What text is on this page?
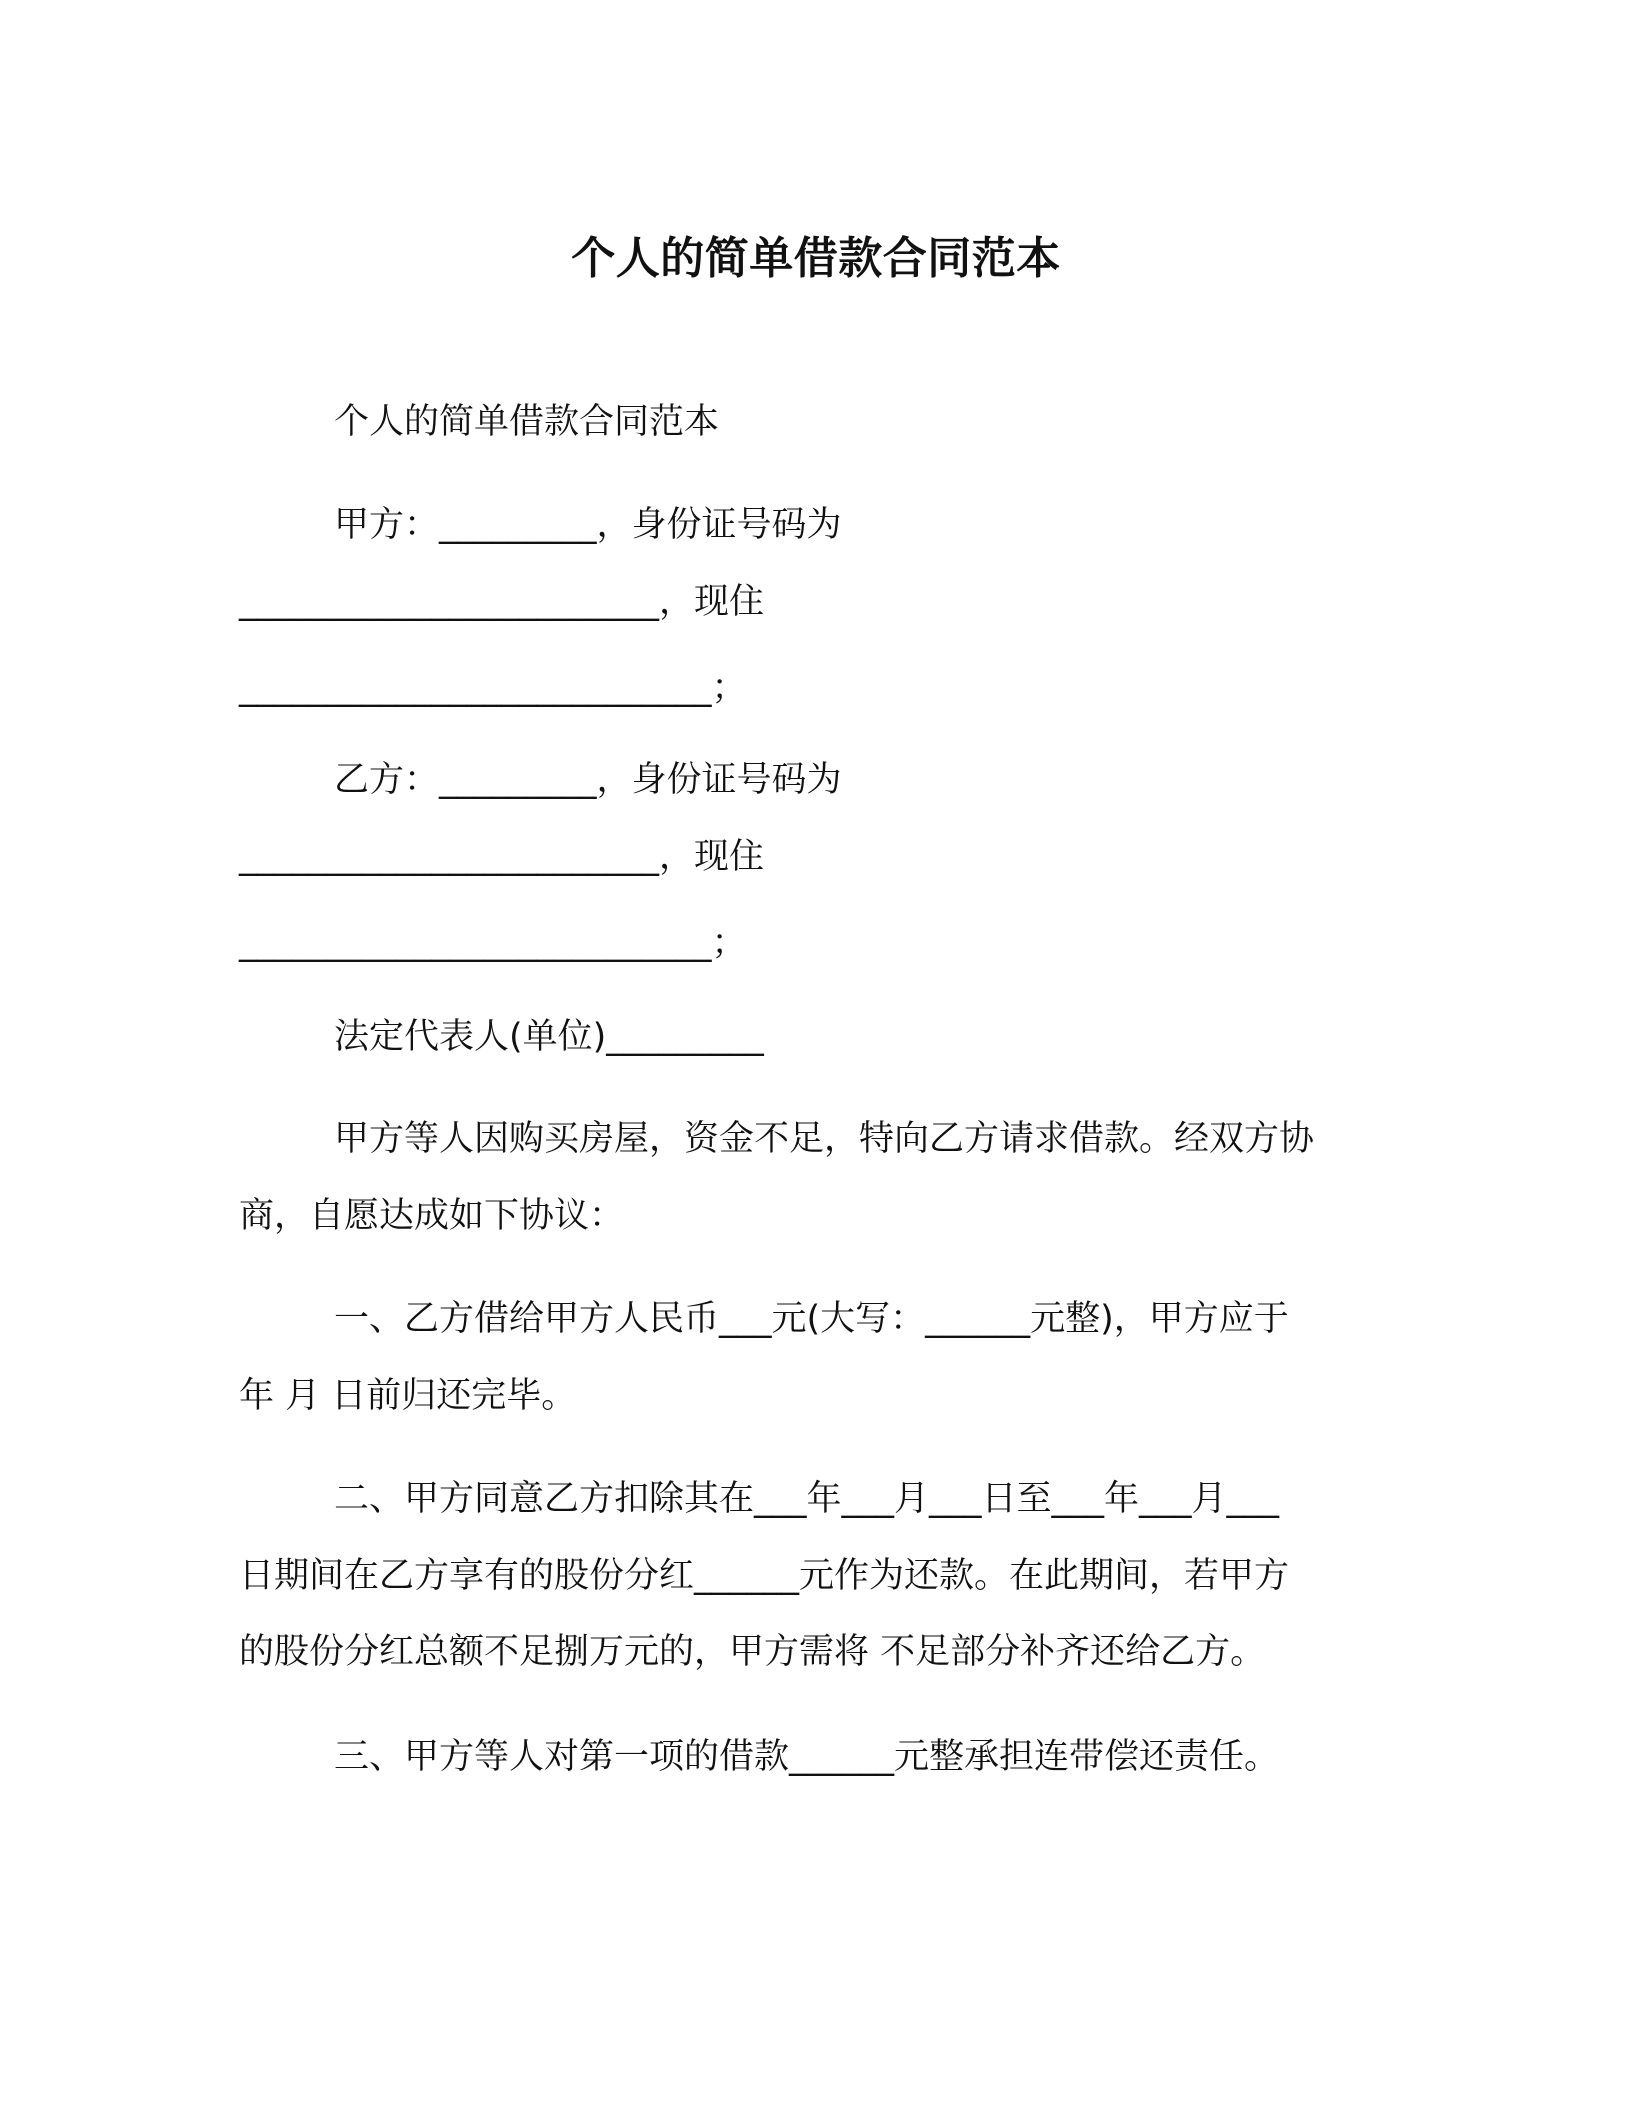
个人的简单借款合同范本

个人的简单借款合同范本

甲方：_________，身份证号码为

________________________，现住

___________________________；

乙方：_________，身份证号码为

________________________，现住

___________________________；

法定代表人(单位)_________

甲方等人因购买房屋，资金不足，特向乙方请求借款。经双方协

商，自愿达成如下协议：

一、乙方借给甲方人民币___元(大写：______元整)，甲方应于

年 月 日前归还完毕。

二、甲方同意乙方扣除其在___年___月___日至___年___月___

日期间在乙方享有的股份分红______元作为还款。在此期间，若甲方

的股份分红总额不足捌万元的，甲方需将 不足部分补齐还给乙方。

三、甲方等人对第一项的借款______元整承担连带偿还责任。
